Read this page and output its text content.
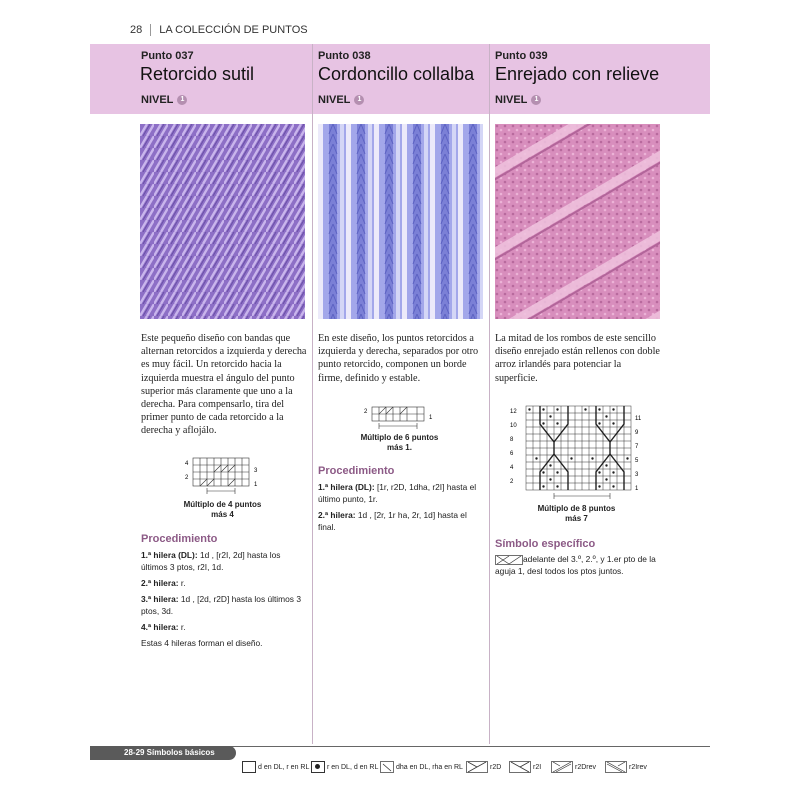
28 LA COLECCIÓN DE PUNTOS
Punto 037
Retorcido sutil
NIVEL	1
Este pequeño diseño con bandas que alternan retorcidos a izquierda y derecha es muy fácil. Un retorcido hacia la izquierda muestra el ángulo del punto superior más claramente que uno a la derecha. Para compensarlo, tira del primer punto de cada retorcido a la derecha y aflojálo.
4
2
3
1
Múltiplo de 4 puntos
más 4
Procedimiento

1.ª hilera (DL): 1d , [r2I, 2d] hasta los últimos 3 ptos, r2I, 1d.

2.ª hilera: r.

3.ª hilera: 1d , [2d, r2D] hasta los últimos 3 ptos, 3d.

4.ª hilera: r.

Estas 4 hileras forman el diseño.

Punto 038
Cordoncillo collalba
NIVEL	1
En este diseño, los puntos retorcidos a izquierda y derecha, separados por otro punto retorcido, componen un borde firme, definido y estable.
2
1
Múltiplo de 6 puntos
más 1.
Procedimiento

1.ª hilera (DL): [1r, r2D, 1dha, r2I] hasta el último punto, 1r.

2.ª hilera: 1d , [2r, 1r ha, 2r, 1d] hasta el final.

Punto 039
Enrejado con relieve
NIVEL	1
La mitad de los rombos de este sencillo diseño enrejado están rellenos con doble arroz irlandés para potenciar la superficie.
12
10
8
6
4
2
11
9
7
5
3
1
Múltiplo de 8 puntos
más 7
Símbolo específico
adelante del 3.º, 2.º, y 1.er pto de la aguja 1, desl todos los ptos juntos.
28-29 Símbolos básicos
d en DL, r en RL	r en DL, d en RL	dha en DL, rha en RL	r2D	r2I	r2Drev	r2Irev
